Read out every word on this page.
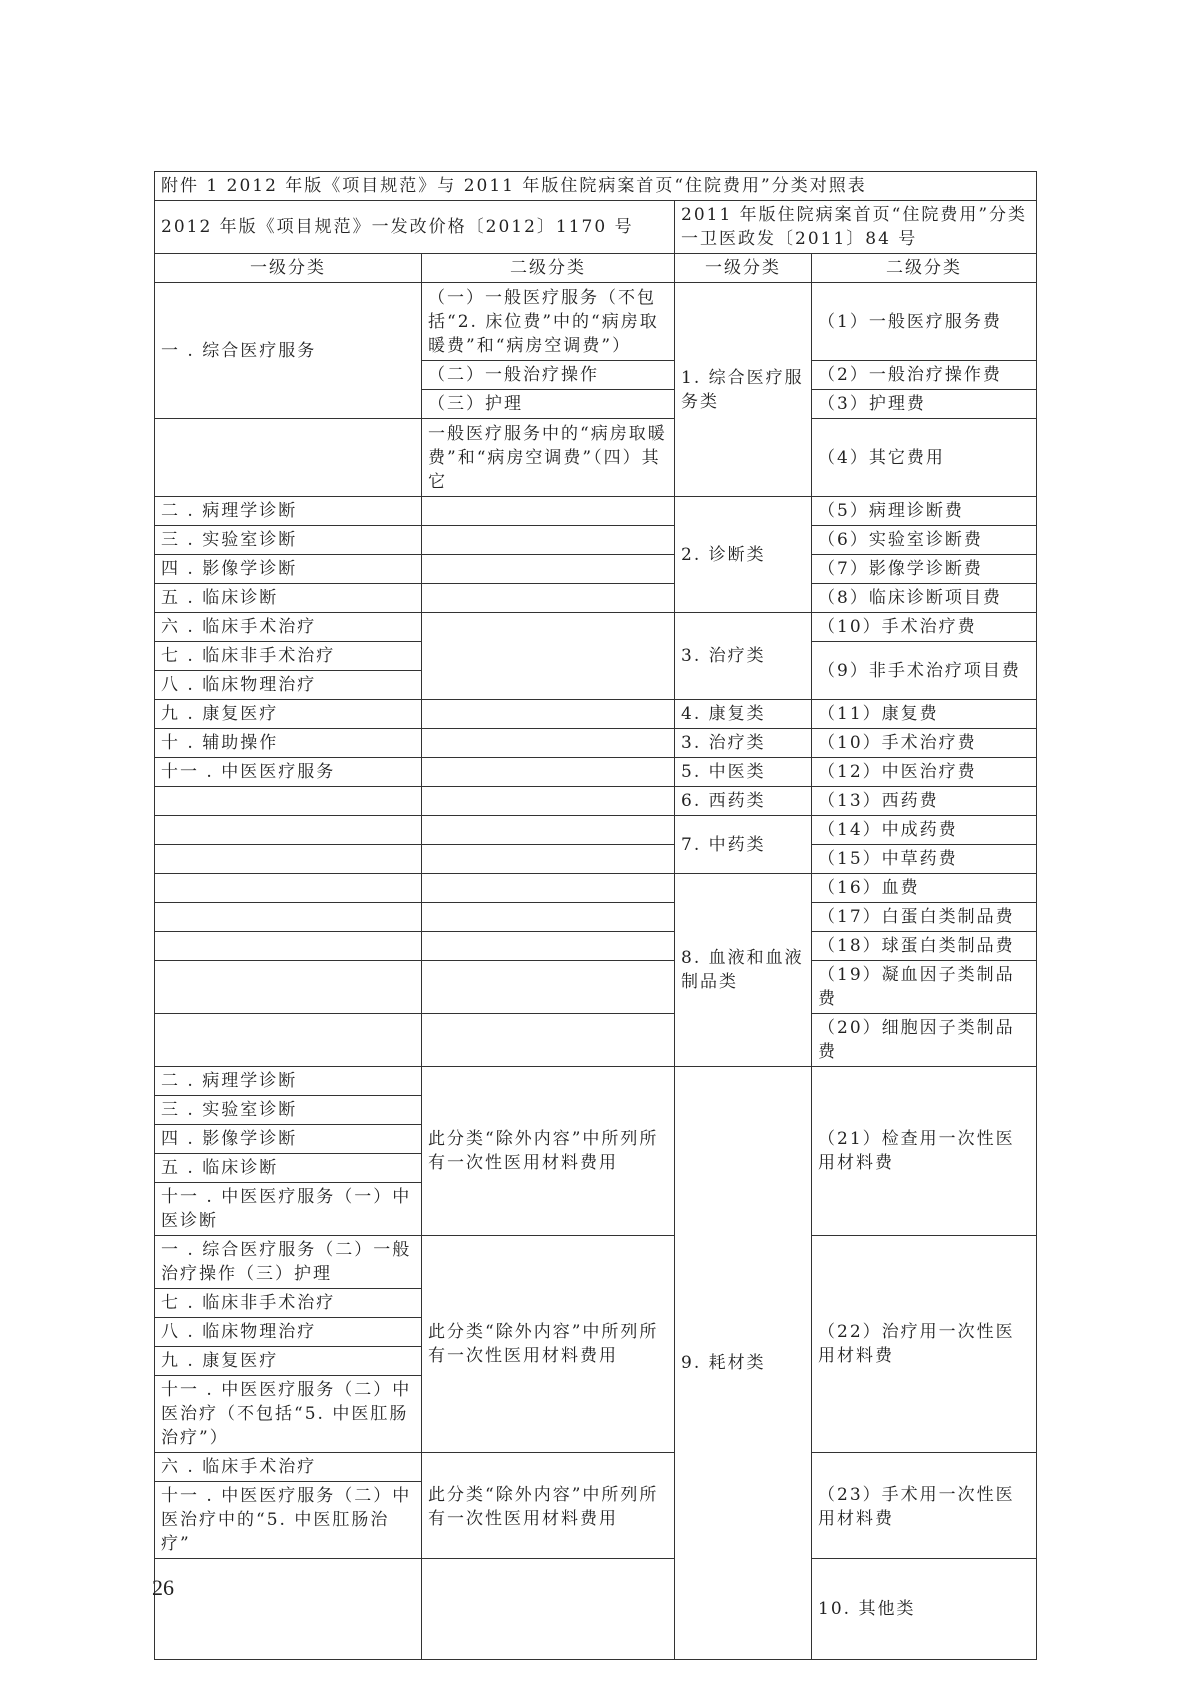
附件 1 2012 年版《项目规范》与 2011 年版住院病案首页“住院费用”分类对照表				
2012 年版《项目规范》一发改价格〔2012〕1170 号		2011 年版住院病案首页“住院费用”分类一卫医政发〔2011〕84 号		
一级分类	二级分类	一级分类	二级分类	
一 . 综合医疗服务	（一）一般医疗服务（不包括“2. 床位费”中的“病房取暖费”和“病房空调费”）	1. 综合医疗服务类	（1）一般医疗服务费	
	（二）一般治疗操作		（2）一般治疗操作费	
	（三）护理		（3）护理费	
	一般医疗服务中的“病房取暖费”和“病房空调费”（四）其它		（4）其它费用	
二 . 病理学诊断		2. 诊断类	（5）病理诊断费	
三 . 实验室诊断			（6）实验室诊断费	
四 . 影像学诊断			（7）影像学诊断费	
五 . 临床诊断			（8）临床诊断项目费	
六 . 临床手术治疗		3. 治疗类	（10）手术治疗费	
七 . 临床非手术治疗			（9）非手术治疗项目费	
八 . 临床物理治疗				
九 . 康复医疗		4. 康复类	（11）康复费	
十 . 辅助操作		3. 治疗类	（10）手术治疗费	
十一 . 中医医疗服务		5. 中医类	（12）中医治疗费	
		6. 西药类	（13）西药费	
		7. 中药类	（14）中成药费	
			（15）中草药费	
		8. 血液和血液制品类	（16）血费	
			（17）白蛋白类制品费	
			（18）球蛋白类制品费	
			（19）凝血因子类制品费	
			（20）细胞因子类制品费	
二 . 病理学诊断	此分类“除外内容”中所列所有一次性医用材料费用	9. 耗材类	（21）检查用一次性医用材料费	
三 . 实验室诊断				
四 . 影像学诊断				
五 . 临床诊断				
十一 . 中医医疗服务（一）中医诊断				
一 . 综合医疗服务（二）一般治疗操作（三）护理	此分类“除外内容”中所列所有一次性医用材料费用		（22）治疗用一次性医用材料费	
七 . 临床非手术治疗				
八 . 临床物理治疗				
九 . 康复医疗				
十一 . 中医医疗服务（二）中医治疗（不包括“5. 中医肛肠治疗”）				
六 . 临床手术治疗	此分类“除外内容”中所列所有一次性医用材料费用		（23）手术用一次性医用材料费	
十一 . 中医医疗服务（二）中医治疗中的“5. 中医肛肠治疗”				
			10. 其他类	
26
